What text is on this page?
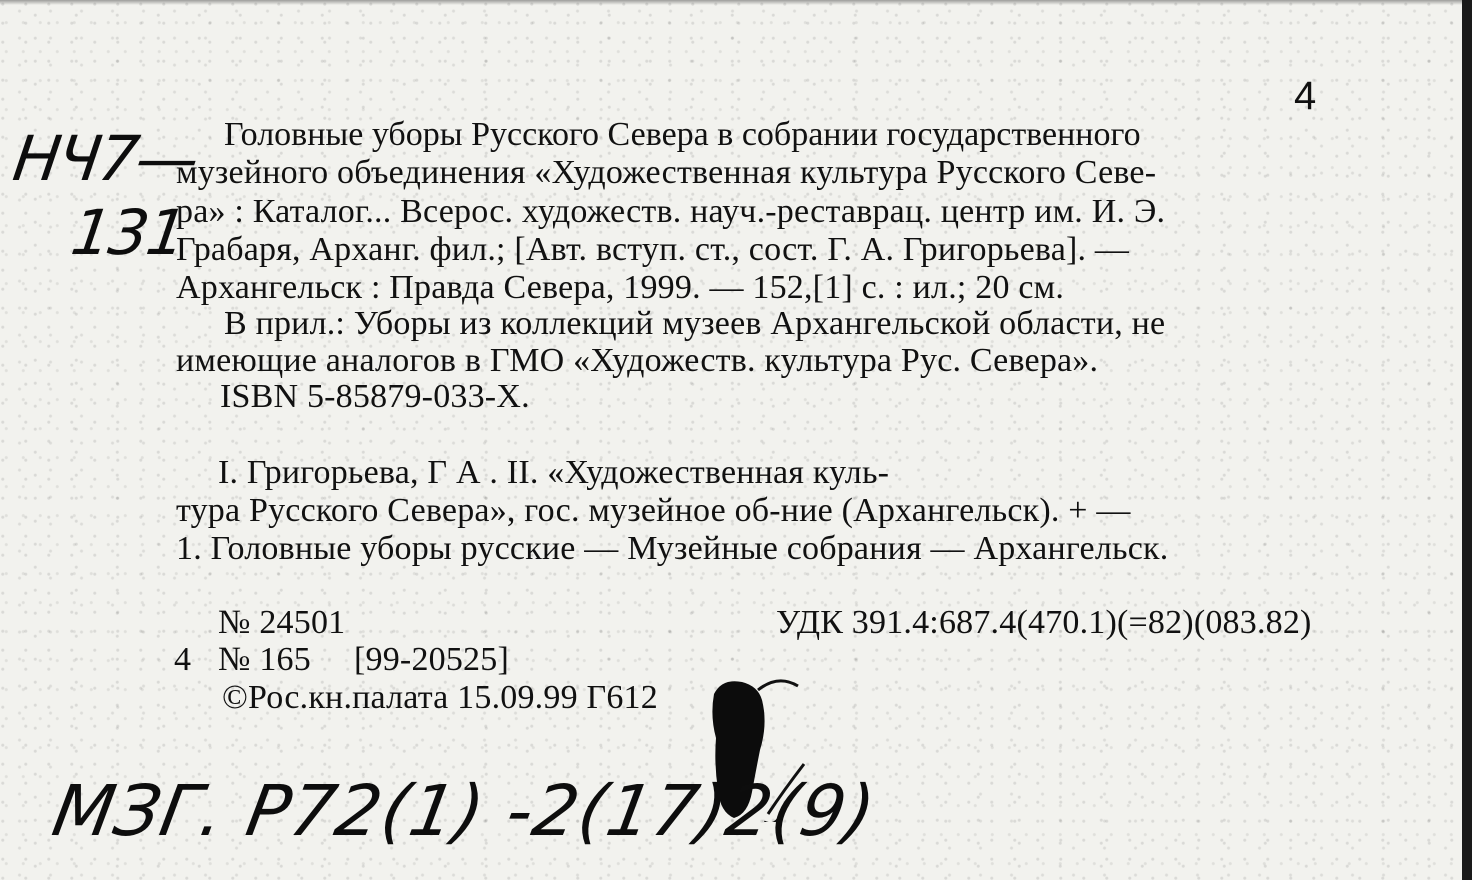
4
НЧ7—
131
Головные уборы Русского Севера в собрании государственного
музейного объединения «Художественная культура Русского Севе-
ра» : Каталог... Всерос. художеств. науч.-реставрац. центр им. И. Э.
Грабаря, Арханг. фил.; [Авт. вступ. ст., сост. Г. А. Григорьева]. —
Архангельск : Правда Севера, 1999. — 152,[1] с. : ил.; 20 см.
В прил.: Уборы из коллекций музеев Архангельской области, не
имеющие аналогов в ГМО «Художеств. культура Рус. Севера».
ISBN 5-85879-033-X.
I. Григорьева, Г А . II. «Художественная куль-
тура Русского Севера», гос. музейное об-ние (Архангельск). + —
1. Головные уборы русские — Музейные собрания — Архангельск.
№ 24501	УДК 391.4:687.4(470.1)(=82)(083.82)
4 № 165 [99-20525]
©Рос.кн.палата 15.09.99 Г612
МЗГ. Р72(1) -2(17)2(9)
